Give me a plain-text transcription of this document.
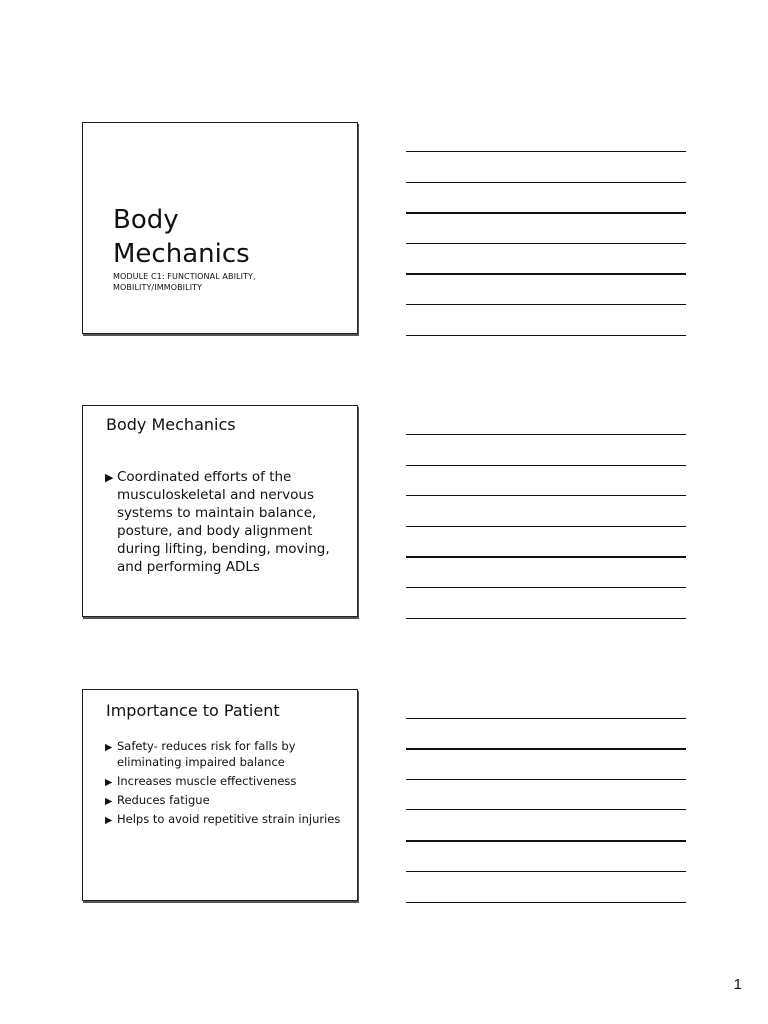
Body
Mechanics
MODULE C1: FUNCTIONAL ABILITY,
MOBILITY/IMMOBILITY
Body Mechanics
▶ Coordinated efforts of the musculoskeletal and nervous systems to maintain balance, posture, and body alignment during lifting, bending, moving, and performing ADLs
Importance to Patient
▶ Safety- reduces risk for falls by eliminating impaired balance
▶ Increases muscle effectiveness
▶ Reduces fatigue
▶ Helps to avoid repetitive strain injuries
1
